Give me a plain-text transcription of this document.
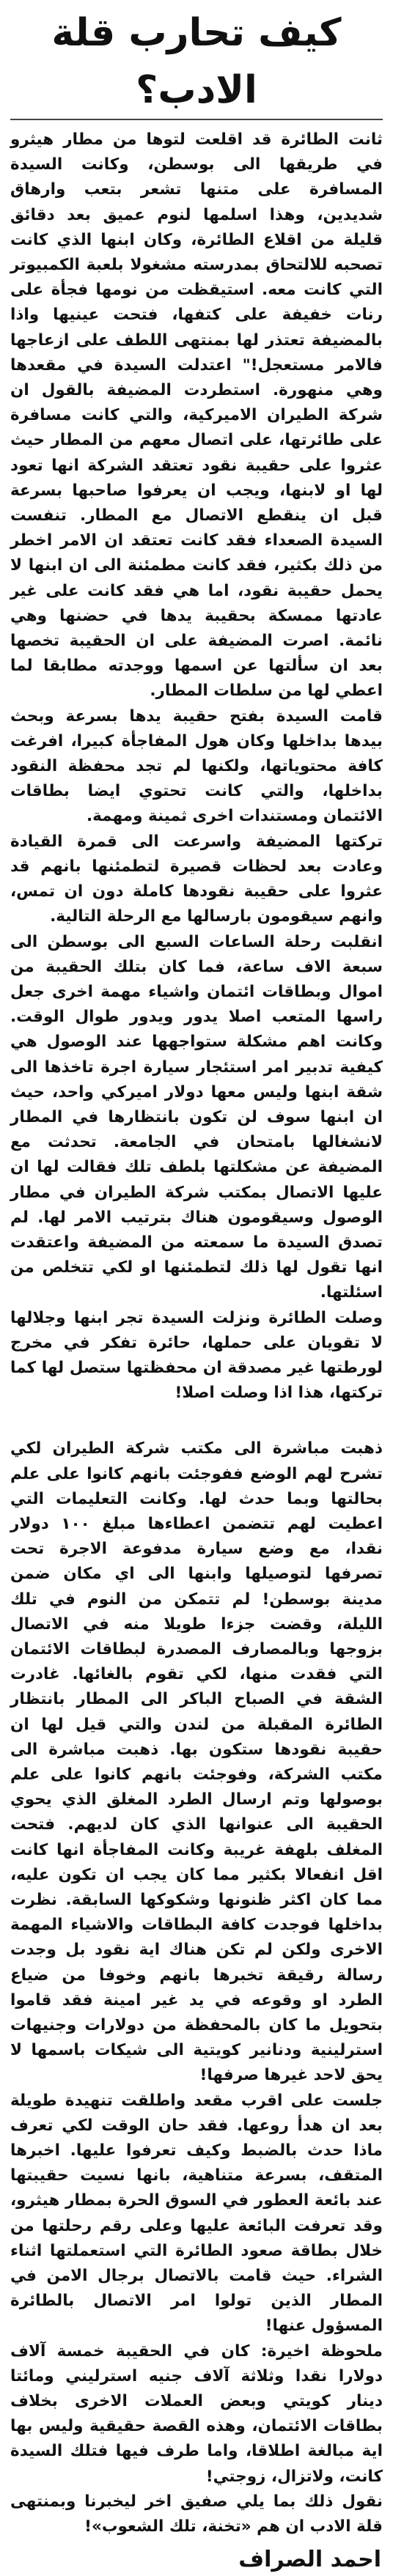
كيف تحارب قلة الادب؟

ثانت الطائرة قد اقلعت لتوها من مطار هيثرو في طريقها الى بوسطن، وكانت السيدة المسافرة على متنها تشعر بتعب وارهاق شديدين، وهذا اسلمها لنوم عميق بعد دقائق قليلة من اقلاع الطائرة، وكان ابنها الذي كانت تصحبه للالتحاق بمدرسته مشغولا بلعبة الكمبيوتر التي كانت معه. استيقظت من نومها فجأة على رنات خفيفة على كتفها، فتحت عينيها واذا بالمضيفة تعتذر لها بمنتهى اللطف على ازعاجها فالامر مستعجل!" اعتدلت السيدة في مقعدها وهي منهورة. استطردت المضيفة بالقول ان شركة الطيران الاميركية، والتي كانت مسافرة على طائرتها، على اتصال معهم من المطار حيث عثروا على حقيبة نقود تعتقد الشركة انها تعود لها او لابنها، ويجب ان يعرفوا صاحبها بسرعة قبل ان ينقطع الاتصال مع المطار. تنفست السيدة الصعداء فقد كانت تعتقد ان الامر اخطر من ذلك بكثير، فقد كانت مطمئنة الى ان ابنها لا يحمل حقيبة نقود، اما هي فقد كانت على غير عادتها ممسكة بحقيبة يدها في حضنها وهي نائمة. اصرت المضيفة على ان الحقيبة تخصها بعد ان سألتها عن اسمها ووجدته مطابقا لما اعطي لها من سلطات المطار.

قامت السيدة بفتح حقيبة يدها بسرعة وبحث بيدها بداخلها وكان هول المفاجأة كبيرا، افرغت كافة محتوياتها، ولكنها لم تجد محفظة النقود بداخلها، والتي كانت تحتوي ايضا بطاقات الائتمان ومستندات اخرى ثمينة ومهمة.

تركتها المضيفة واسرعت الى قمرة القيادة وعادت بعد لحظات قصيرة لتطمئنها بانهم قد عثروا على حقيبة نقودها كاملة دون ان تمس، وانهم سيقومون بارسالها مع الرحلة التالية.

انقلبت رحلة الساعات السبع الى بوسطن الى سبعة الاف ساعة، فما كان بتلك الحقيبة من اموال وبطاقات ائتمان واشياء مهمة اخرى جعل راسها المتعب اصلا يدور ويدور طوال الوقت. وكانت اهم مشكلة ستواجهها عند الوصول هي كيفية تدبير امر استئجار سيارة اجرة تاخذها الى شقة ابنها وليس معها دولار اميركي واحد، حيث ان ابنها سوف لن تكون بانتظارها في المطار لانشغالها بامتحان في الجامعة. تحدثت مع المضيفة عن مشكلتها بلطف تلك فقالت لها ان عليها الاتصال بمكتب شركة الطيران في مطار الوصول وسيقومون هناك بترتيب الامر لها. لم تصدق السيدة ما سمعته من المضيفة واعتقدت انها تقول لها ذلك لتطمئنها او لكي تتخلص من اسئلتها.

وصلت الطائرة ونزلت السيدة تجر ابنها وجلالها لا تقويان على حملها، حائرة تفكر في مخرج لورطتها غير مصدقة ان محفظتها ستصل لها كما تركتها، هذا اذا وصلت اصلا!

ذهبت مباشرة الى مكتب شركة الطيران لكي تشرح لهم الوضع ففوجئت بانهم كانوا على علم بحالتها وبما حدث لها. وكانت التعليمات التي اعطيت لهم تتضمن اعطاءها مبلغ ١٠٠ دولار نقدا، مع وضع سيارة مدفوعة الاجرة تحت تصرفها لتوصيلها وابنها الى اي مكان ضمن مدينة بوسطن! لم تتمكن من النوم في تلك الليلة، وقضت جزءا طويلا منه في الاتصال بزوجها وبالمصارف المصدرة لبطاقات الائتمان التي فقدت منها، لكي تقوم بالغائها. غادرت الشقة في الصباح الباكر الى المطار بانتظار الطائرة المقبلة من لندن والتي قيل لها ان حقيبة نقودها ستكون بها. ذهبت مباشرة الى مكتب الشركة، وفوجئت بانهم كانوا على علم بوصولها وتم ارسال الطرد المغلق الذي يحوي الحقيبة الى عنوانها الذي كان لديهم. فتحت المغلف بلهفة غريبة وكانت المفاجأة انها كانت اقل انفعالا بكثير مما كان يجب ان تكون عليه، مما كان اكثر ظنونها وشكوكها السابقة. نظرت بداخلها فوجدت كافة البطاقات والاشياء المهمة الاخرى ولكن لم تكن هناك اية نقود بل وجدت رسالة رقيقة تخبرها بانهم وخوفا من ضياع الطرد او وقوعه في يد غير امينة فقد قاموا بتحويل ما كان بالمحفظة من دولارات وجنيهات استرلينية ودنانير كويتية الى شيكات باسمها لا يحق لاحد غيرها صرفها!

جلست على اقرب مقعد واطلقت تنهيدة طويلة بعد ان هدأ روعها. فقد حان الوقت لكي تعرف ماذا حدث بالضبط وكيف تعرفوا عليها. اخبرها المتقف، بسرعة متناهية، بانها نسيت حقيبتها عند بائعة العطور في السوق الحرة بمطار هيثرو، وقد تعرفت البائعة عليها وعلى رقم رحلتها من خلال بطاقة صعود الطائرة التي استعملتها اثناء الشراء. حيث قامت بالاتصال برجال الامن في المطار الذين تولوا امر الاتصال بالطائرة المسؤول عنها!

ملحوظة اخيرة: كان في الحقيبة خمسة آلاف دولارا نقدا وثلاثة آلاف جنيه استرليني ومائتا دينار كويتي وبعض العملات الاخرى بخلاف بطاقات الائتمان، وهذه القصة حقيقية وليس بها اية مبالغة اطلاقا، واما طرف فيها فتلك السيدة كانت، ولاتزال، زوجتي!

نقول ذلك بما يلي صفيق اخر ليخبرنا وبمنتهى قلة الادب ان هم «تخنة، تلك الشعوب»!

احمد الصراف
